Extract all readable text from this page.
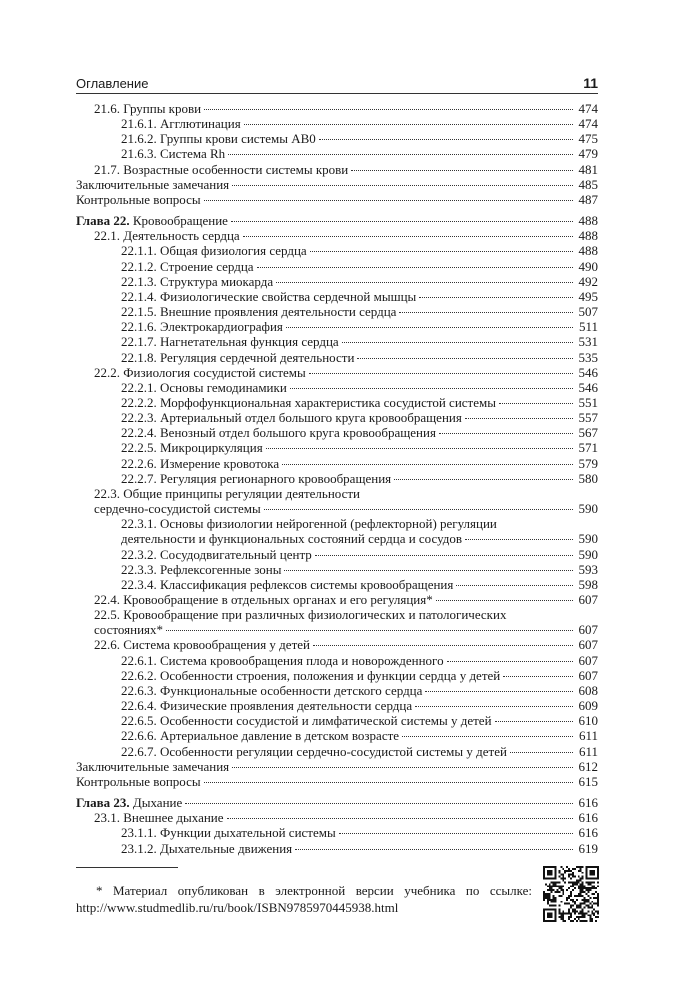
Оглавление	11
21.6. Группы крови	474
21.6.1. Агглютинация	474
21.6.2. Группы крови системы АВ0	475
21.6.3. Система Rh	479
21.7. Возрастные особенности системы крови	481
Заключительные замечания	485
Контрольные вопросы	487
Глава 22. Кровообращение	488
22.1. Деятельность сердца	488
22.1.1. Общая физиология сердца	488
22.1.2. Строение сердца	490
22.1.3. Структура миокарда	492
22.1.4. Физиологические свойства сердечной мышцы	495
22.1.5. Внешние проявления деятельности сердца	507
22.1.6. Электрокардиография	511
22.1.7. Нагнетательная функция сердца	531
22.1.8. Регуляция сердечной деятельности	535
22.2. Физиология сосудистой системы	546
22.2.1. Основы гемодинамики	546
22.2.2. Морфофункциональная характеристика сосудистой системы	551
22.2.3. Артериальный отдел большого круга кровообращения	557
22.2.4. Венозный отдел большого круга кровообращения	567
22.2.5. Микроциркуляция	571
22.2.6. Измерение кровотока	579
22.2.7. Регуляция регионарного кровообращения	580
22.3. Общие принципы регуляции деятельности
сердечно-сосудистой системы	590
22.3.1. Основы физиологии нейрогенной (рефлекторной) регуляции
деятельности и функциональных состояний сердца и сосудов	590
22.3.2. Сосудодвигательный центр	590
22.3.3. Рефлексогенные зоны	593
22.3.4. Классификация рефлексов системы кровообращения	598
22.4. Кровообращение в отдельных органах и его регуляция*	607
22.5. Кровообращение при различных физиологических и патологических
состояниях*	607
22.6. Система кровообращения у детей	607
22.6.1. Система кровообращения плода и новорожденного	607
22.6.2. Особенности строения, положения и функции сердца у детей	607
22.6.3. Функциональные особенности детского сердца	608
22.6.4. Физические проявления деятельности сердца	609
22.6.5. Особенности сосудистой и лимфатической системы у детей	610
22.6.6. Артериальное давление в детском возрасте	611
22.6.7. Особенности регуляции сердечно-сосудистой системы у детей	611
Заключительные замечания	612
Контрольные вопросы	615
Глава 23. Дыхание	616
23.1. Внешнее дыхание	616
23.1.1. Функции дыхательной системы	616
23.1.2. Дыхательные движения	619
* Материал опубликован в электронной версии учебника по ссылке:
http://www.studmedlib.ru/ru/book/ISBN9785970445938.html
